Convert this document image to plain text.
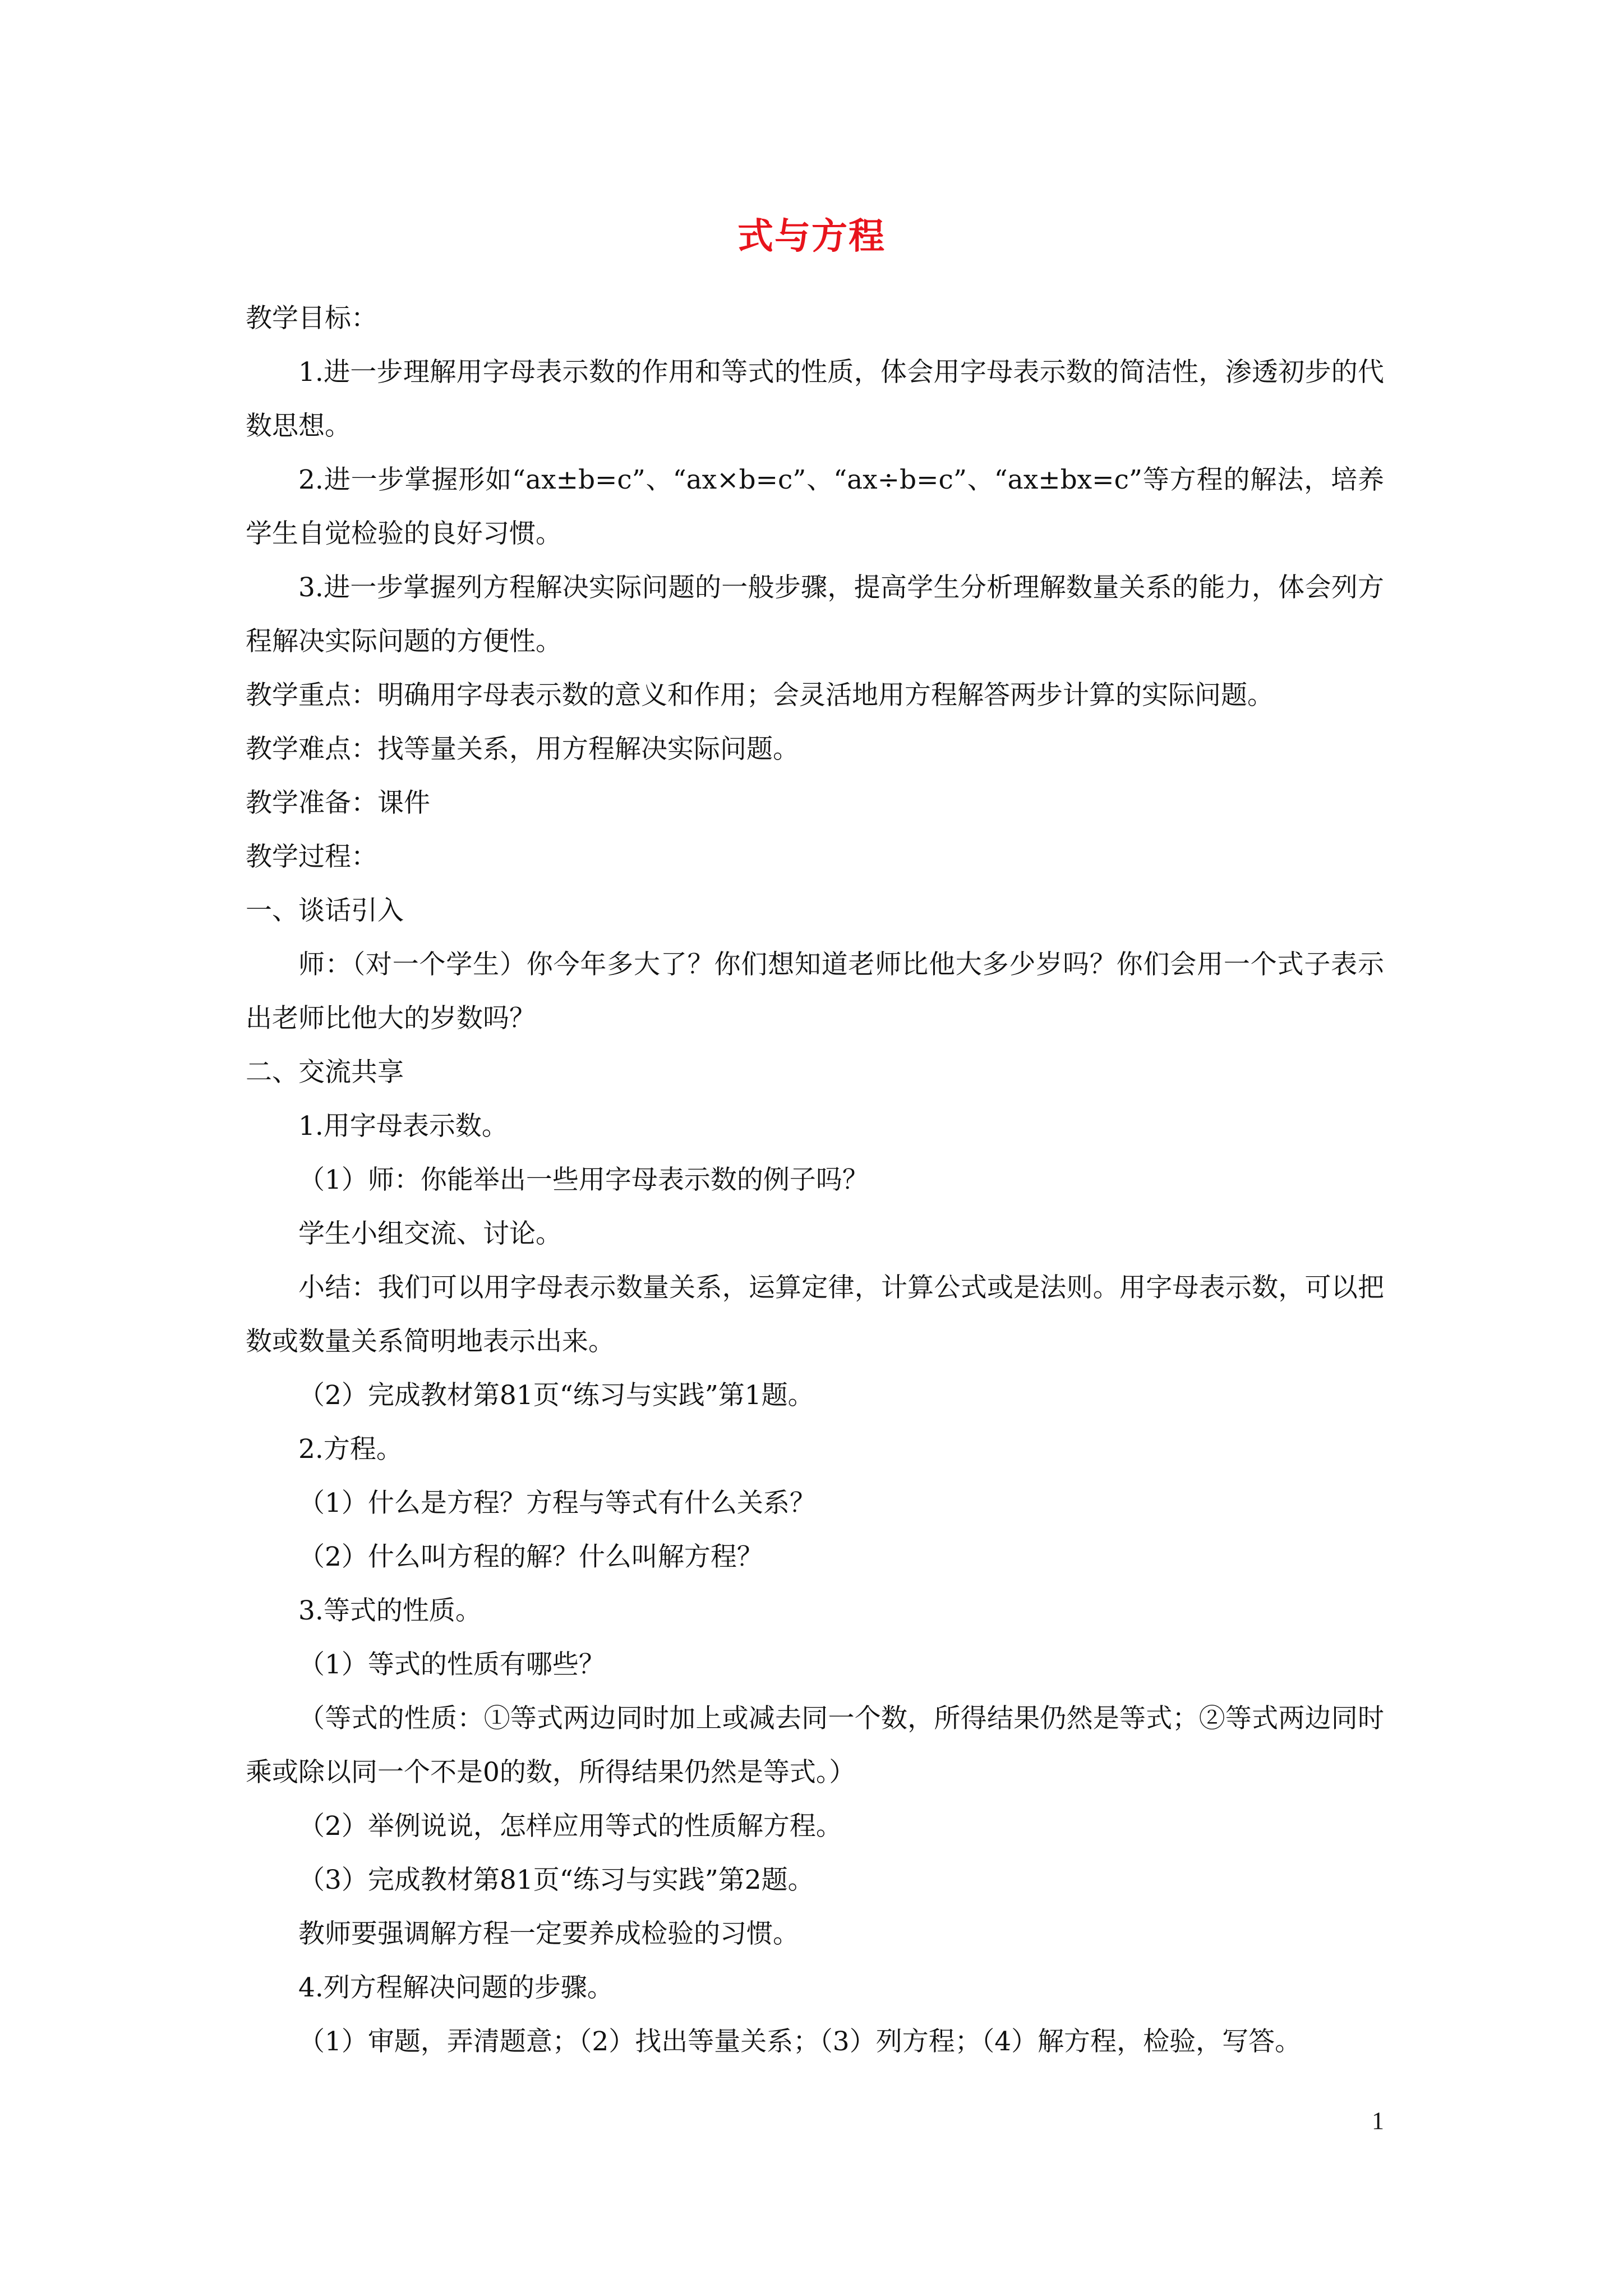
式与方程

教学目标：

1.进一步理解用字母表示数的作用和等式的性质，体会用字母表示数的简洁性，渗透初步的代数思想。

2.进一步掌握形如“ax±b=c”、“ax×b=c”、“ax÷b=c”、“ax±bx=c”等方程的解法，培养学生自觉检验的良好习惯。

3.进一步掌握列方程解决实际问题的一般步骤，提高学生分析理解数量关系的能力，体会列方程解决实际问题的方便性。

教学重点：明确用字母表示数的意义和作用；会灵活地用方程解答两步计算的实际问题。

教学难点：找等量关系，用方程解决实际问题。

教学准备：课件

教学过程：

一、谈话引入

师：（对一个学生）你今年多大了？你们想知道老师比他大多少岁吗？你们会用一个式子表示出老师比他大的岁数吗？

二、交流共享

1.用字母表示数。

（1）师：你能举出一些用字母表示数的例子吗？

学生小组交流、讨论。

小结：我们可以用字母表示数量关系，运算定律，计算公式或是法则。用字母表示数，可以把数或数量关系简明地表示出来。

（2）完成教材第81页“练习与实践”第1题。

2.方程。

（1）什么是方程？方程与等式有什么关系？

（2）什么叫方程的解？什么叫解方程？

3.等式的性质。

（1）等式的性质有哪些？

（等式的性质：①等式两边同时加上或减去同一个数，所得结果仍然是等式；②等式两边同时乘或除以同一个不是0的数，所得结果仍然是等式。）

（2）举例说说，怎样应用等式的性质解方程。

（3）完成教材第81页“练习与实践”第2题。

教师要强调解方程一定要养成检验的习惯。

4.列方程解决问题的步骤。

（1）审题，弄清题意；（2）找出等量关系；（3）列方程；（4）解方程，检验，写答。

1
